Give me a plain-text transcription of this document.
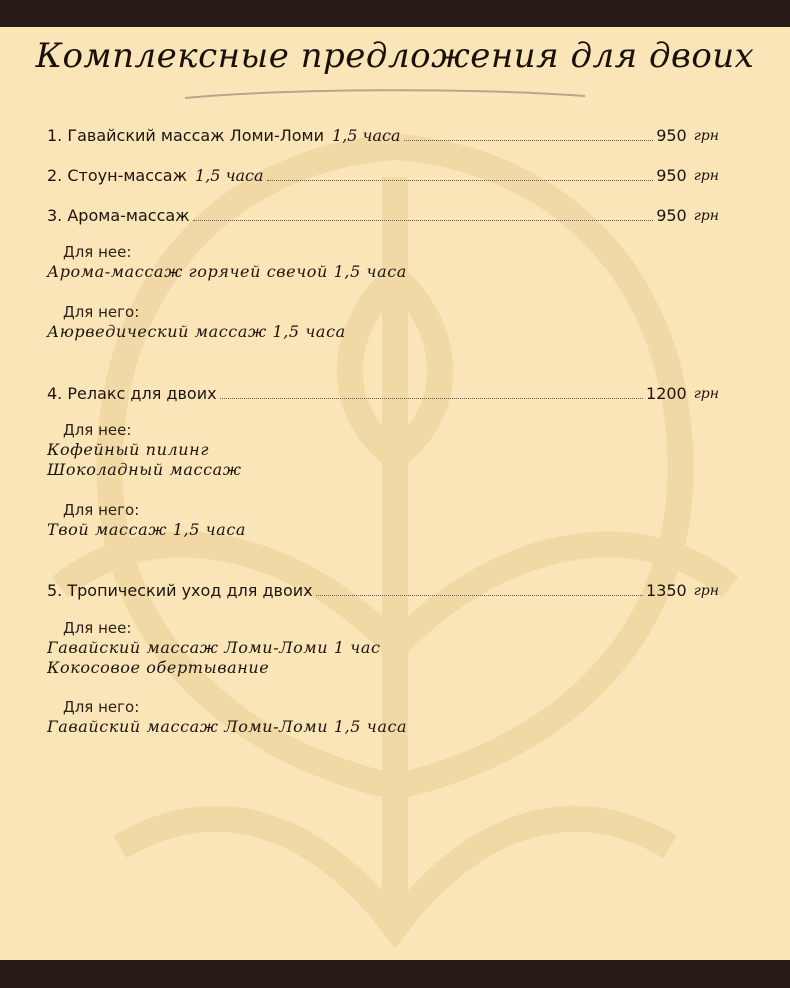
Комплексные предложения для двоих
1. Гавайский массаж Ломи-Ломи 1,5 часа	950 грн
2. Стоун-массаж 1,5 часа	950 грн
3. Арома-массаж	950 грн
Для нее:
Арома-массаж горячей свечой 1,5 часа
Для него:
Аюрведический массаж 1,5 часа
4. Релакс для двоих	1200 грн
Для нее:
Кофейный пилинг
Шоколадный массаж
Для него:
Твой массаж 1,5 часа
5. Тропический уход для двоих	1350 грн
Для нее:
Гавайский массаж Ломи-Ломи 1 час
Кокосовое обертывание
Для него:
Гавайский массаж Ломи-Ломи 1,5 часа
